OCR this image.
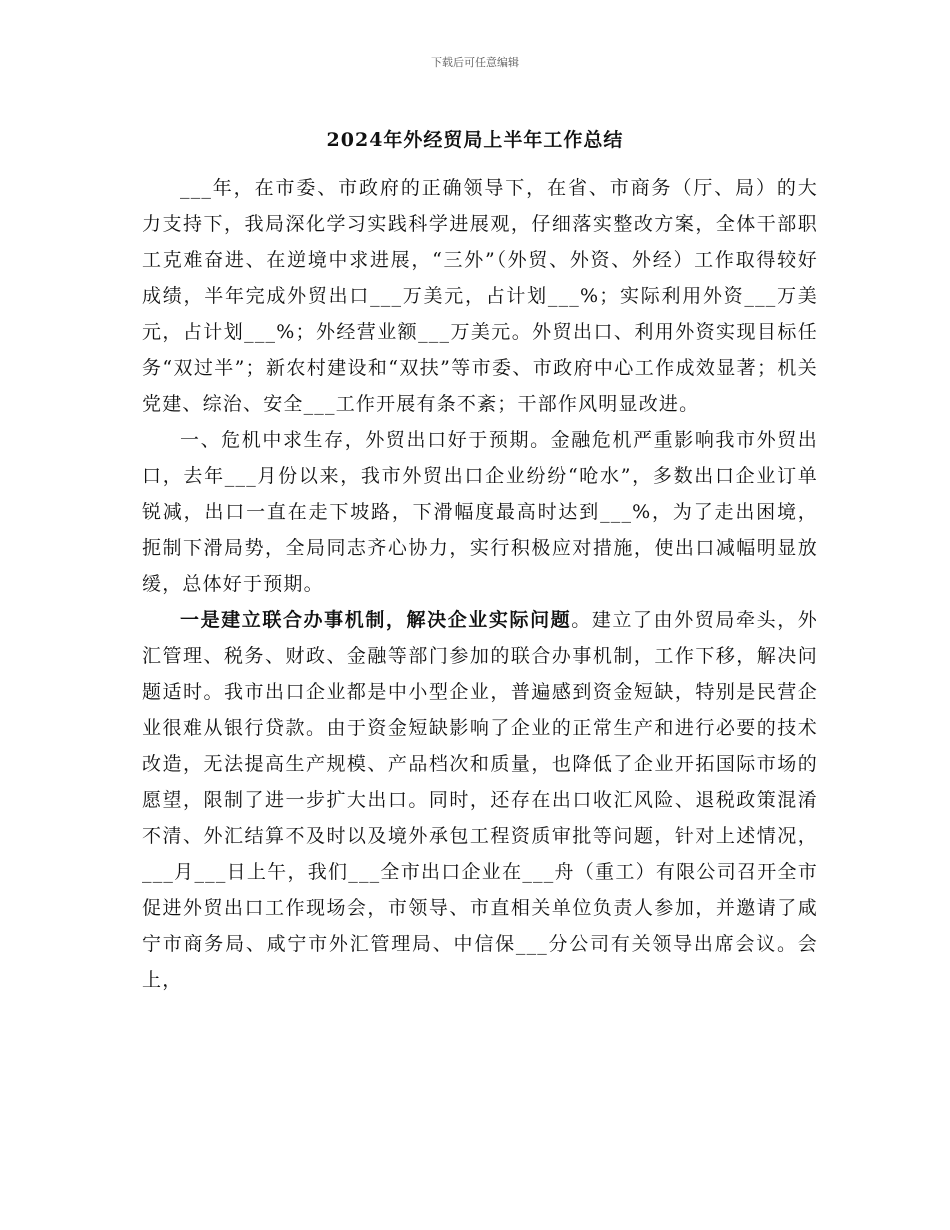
下载后可任意编辑
2024年外经贸局上半年工作总结

___年，在市委、市政府的正确领导下，在省、市商务（厅、局）的大力支持下，我局深化学习实践科学进展观，仔细落实整改方案，全体干部职工克难奋进、在逆境中求进展，“三外”（外贸、外资、外经）工作取得较好成绩，半年完成外贸出口___万美元，占计划___%；实际利用外资___万美元，占计划___%；外经营业额___万美元。外贸出口、利用外资实现目标任务“双过半”；新农村建设和“双扶”等市委、市政府中心工作成效显著；机关党建、综治、安全___工作开展有条不紊；干部作风明显改进。

一、危机中求生存，外贸出口好于预期。金融危机严重影响我市外贸出口，去年___月份以来，我市外贸出口企业纷纷“呛水”，多数出口企业订单锐减，出口一直在走下坡路，下滑幅度最高时达到___%，为了走出困境，扼制下滑局势，全局同志齐心协力，实行积极应对措施，使出口减幅明显放缓，总体好于预期。

一是建立联合办事机制，解决企业实际问题。建立了由外贸局牵头，外汇管理、税务、财政、金融等部门参加的联合办事机制，工作下移，解决问题适时。我市出口企业都是中小型企业，普遍感到资金短缺，特别是民营企业很难从银行贷款。由于资金短缺影响了企业的正常生产和进行必要的技术改造，无法提高生产规模、产品档次和质量，也降低了企业开拓国际市场的愿望，限制了进一步扩大出口。同时，还存在出口收汇风险、退税政策混淆不清、外汇结算不及时以及境外承包工程资质审批等问题，针对上述情况，___月___日上午，我们___全市出口企业在___舟（重工）有限公司召开全市促进外贸出口工作现场会，市领导、市直相关单位负责人参加，并邀请了咸宁市商务局、咸宁市外汇管理局、中信保___分公司有关领导出席会议。会上，
